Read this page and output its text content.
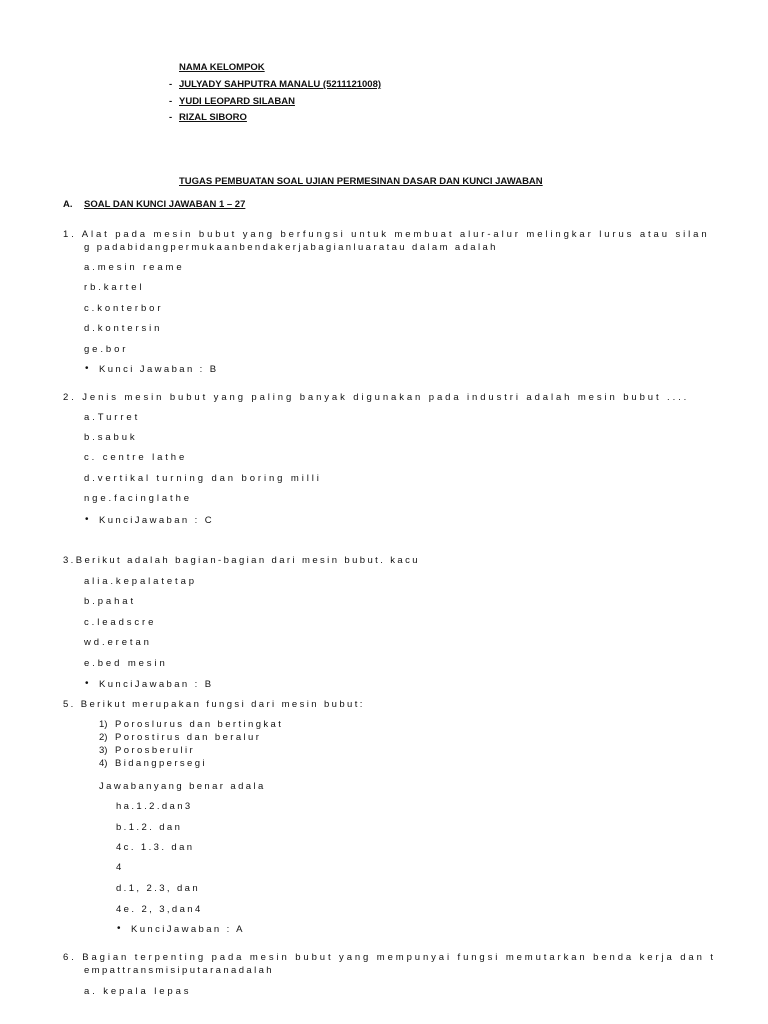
NAMA KELOMPOK
- JULYADY SAHPUTRA MANALU (5211121008)
- YUDI LEOPARD SILABAN
- RIZAL SIBORO
TUGAS PEMBUATAN SOAL UJIAN PERMESINAN DASAR DAN KUNCI JAWABAN
A. SOAL DAN KUNCI JAWABAN 1 – 27
1. Alat pada mesin bubut yang berfungsi untuk membuat alur-alur melingkar lurus atau silan
g padabidangpermukaanbendakerjabagianluaratau dalam adalah
a.mesin reame
rb.kartel
c.konterbor
d.kontersin
ge.bor
• Kunci Jawaban : B
2. Jenis mesin bubut yang paling banyak digunakan pada industri adalah mesin bubut ....
a.Turret
b.sabuk
c. centre lathe
d.vertikal turning dan boring milli
nge.facinglathe
• KunciJawaban : C
3.Berikut adalah bagian-bagian dari mesin bubut. kacu
alia.kepalatetap
b.pahat
c.leadscre
wd.eretan
e.bed mesin
• KunciJawaban : B
5. Berikut merupakan fungsi dari mesin bubut:
1) Poroslurus dan bertingkat
2) Porostirus dan beralur
3) Porosberulir
4) Bidangpersegi
Jawabanyang benar adala
ha.1.2.dan3
b.1.2. dan
4c. 1.3. dan
4
d.1, 2.3, dan
4e. 2, 3,dan4
• KunciJawaban : A
6. Bagian terpenting pada mesin bubut yang mempunyai fungsi memutarkan benda kerja dan t
empattransmisiputaranadalah
a. kepala lepas
